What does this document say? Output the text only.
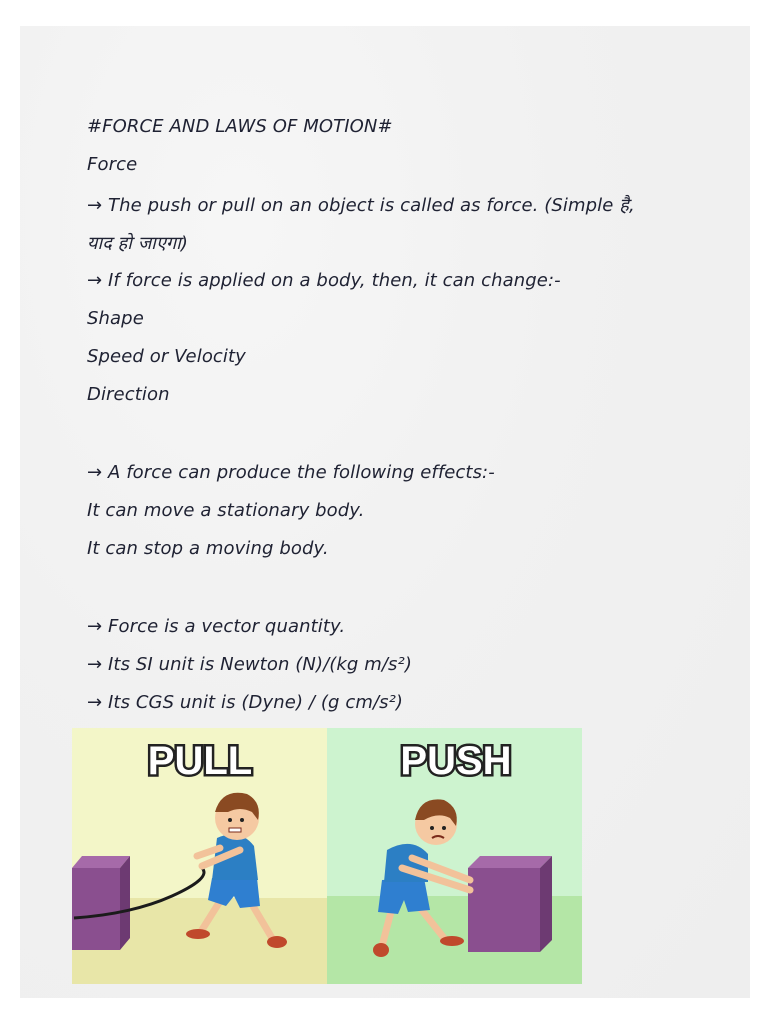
#FORCE AND LAWS OF MOTION#
Force
→ The push or pull on an object is called as force. (Simple है,
याद हो जाएगा)
→ If force is applied on a body, then, it can change:-
Shape
Speed or Velocity
Direction
→ A force can produce the following effects:-
It can move a stationary body.
It can stop a moving body.
→ Force is a vector quantity.
→ Its SI unit is Newton (N)/(kg m/s²)
→ Its CGS unit is (Dyne) / (g cm/s²)
PULL	PUSH
